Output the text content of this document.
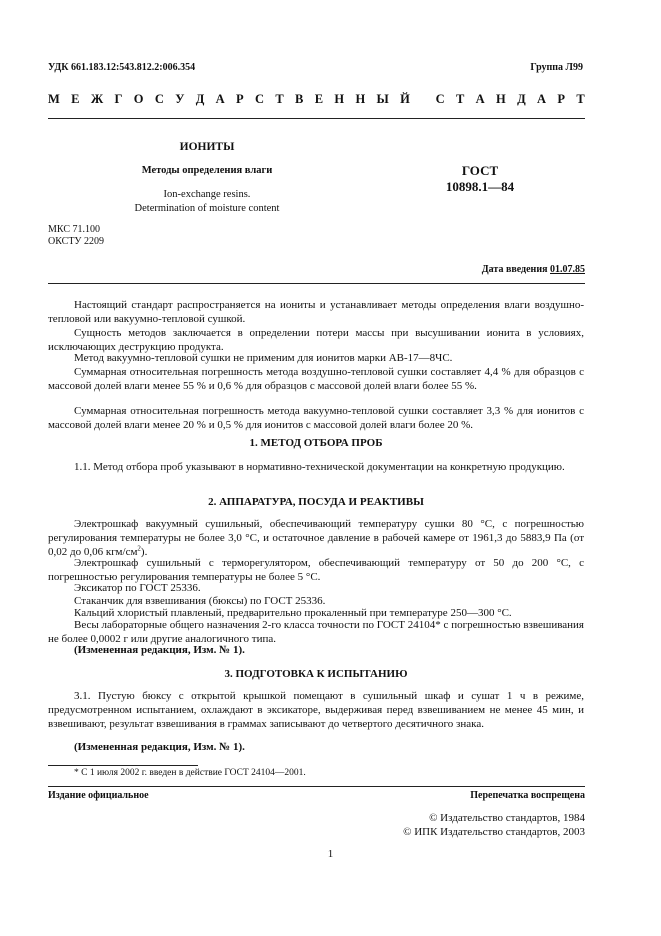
УДК 661.183.12:543.812.2:006.354	Группа Л99
М Е Ж Г О С У Д А Р С Т В Е Н Н Ы Й
С Т А Н Д А Р Т
ИОНИТЫ
Методы определения влаги
Ion-exchange resins.
Determination of moisture content
ГОСТ
10898.1—84
МКС 71.100
ОКСТУ 2209
Дата введения 01.07.85
Настоящий стандарт распространяется на иониты и устанавливает методы определения влаги воздушно-тепловой или вакуумно-тепловой сушкой.
Сущность методов заключается в определении потери массы при высушивании ионита в условиях, исключающих деструкцию продукта.
Метод вакуумно-тепловой сушки не применим для ионитов марки АВ-17—8ЧС.
Суммарная относительная погрешность метода воздушно-тепловой сушки составляет 4,4 % для образцов с массовой долей влаги менее 55 % и 0,6 % для образцов с массовой долей влаги более 55 %.
Суммарная относительная погрешность метода вакуумно-тепловой сушки составляет 3,3 % для ионитов с массовой долей влаги менее 20 % и 0,5 % для ионитов с массовой долей влаги более 20 %.
1. МЕТОД ОТБОРА ПРОБ
1.1. Метод отбора проб указывают в нормативно-технической документации на конкретную продукцию.
2. АППАРАТУРА, ПОСУДА И РЕАКТИВЫ
Электрошкаф вакуумный сушильный, обеспечивающий температуру сушки 80 °С, с погрешностью регулирования температуры не более 3,0 °С, и остаточное давление в рабочей камере от 1961,3 до 5883,9 Па (от 0,02 до 0,06 кгм/$см^2$).
Электрошкаф сушильный с терморегулятором, обеспечивающий температуру от 50 до 200 °С, с погрешностью регулирования температуры не более 5 °С.
Эксикатор по ГОСТ 25336.
Стаканчик для взвешивания (бюксы) по ГОСТ 25336.
Кальций хлористый плавленый, предварительно прокаленный при температуре 250—300 °С.
Весы лабораторные общего назначения 2-го класса точности по ГОСТ 24104* с погрешностью взвешивания не более 0,0002 г или другие аналогичного типа.
(Измененная редакция, Изм. № 1).
3. ПОДГОТОВКА К ИСПЫТАНИЮ
3.1. Пустую бюксу с открытой крышкой помещают в сушильный шкаф и сушат 1 ч в режиме, предусмотренном испытанием, охлаждают в эксикаторе, выдерживая перед взвешиванием не менее 45 мин, и взвешивают, результат взвешивания в граммах записывают до четвертого десятичного знака.
(Измененная редакция, Изм. № 1).
* С 1 июля 2002 г. введен в действие ГОСТ 24104—2001.
Издание официальное	Перепечатка воспрещена
© Издательство стандартов, 1984
© ИПК Издательство стандартов, 2003
1
